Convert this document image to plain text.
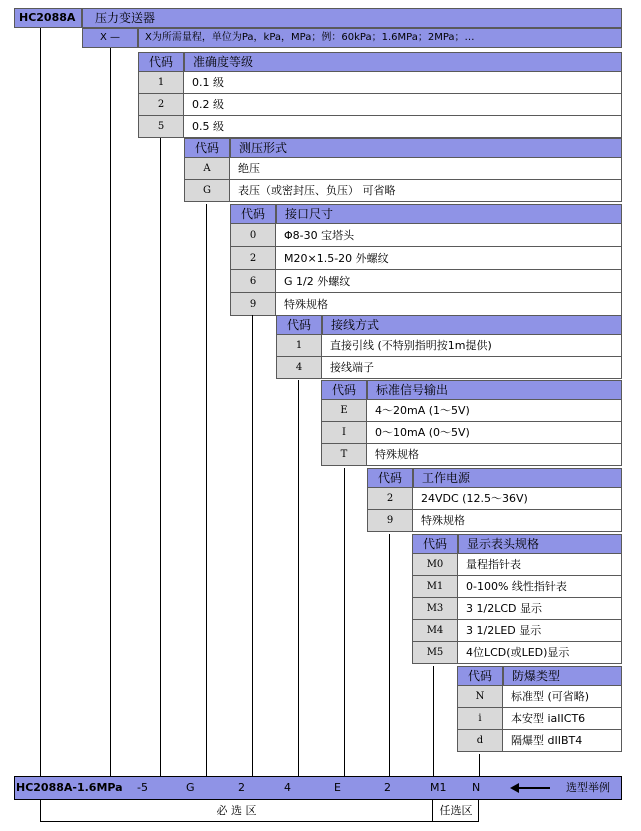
HC2088A	压力变送器
X —	X为所需量程，单位为Pa，kPa，MPa；例：60kPa；1.6MPa；2MPa；…
代码	准确度等级
1	0.1 级
2	0.2 级
5	0.5 级
代码	测压形式
A	绝压
G	表压（或密封压、负压） 可省略
代码	接口尺寸
0	Φ8-30 宝塔头
2	M20×1.5-20 外螺纹
6	G 1/2 外螺纹
9	特殊规格
代码	接线方式
1	直接引线 (不特别指明按1m提供)
4	接线端子
代码	标准信号输出
E	4～20mA (1～5V)
I	0～10mA (0～5V)
T	特殊规格
代码	工作电源
2	24VDC (12.5～36V)
9	特殊规格
代码	显示表头规格
M0	量程指针表
M1	0-100% 线性指针表
M3	3 1/2LCD 显示
M4	3 1/2LED 显示
M5	4位LCD(或LED)显示
代码	防爆类型
N	标准型 (可省略)
i	本安型 iaIICT6
d	隔爆型 dIIBT4
HC2088A-1.6MPa -5	G	2	4	E	2	M1 N	选型举例
必 选 区	任选区
